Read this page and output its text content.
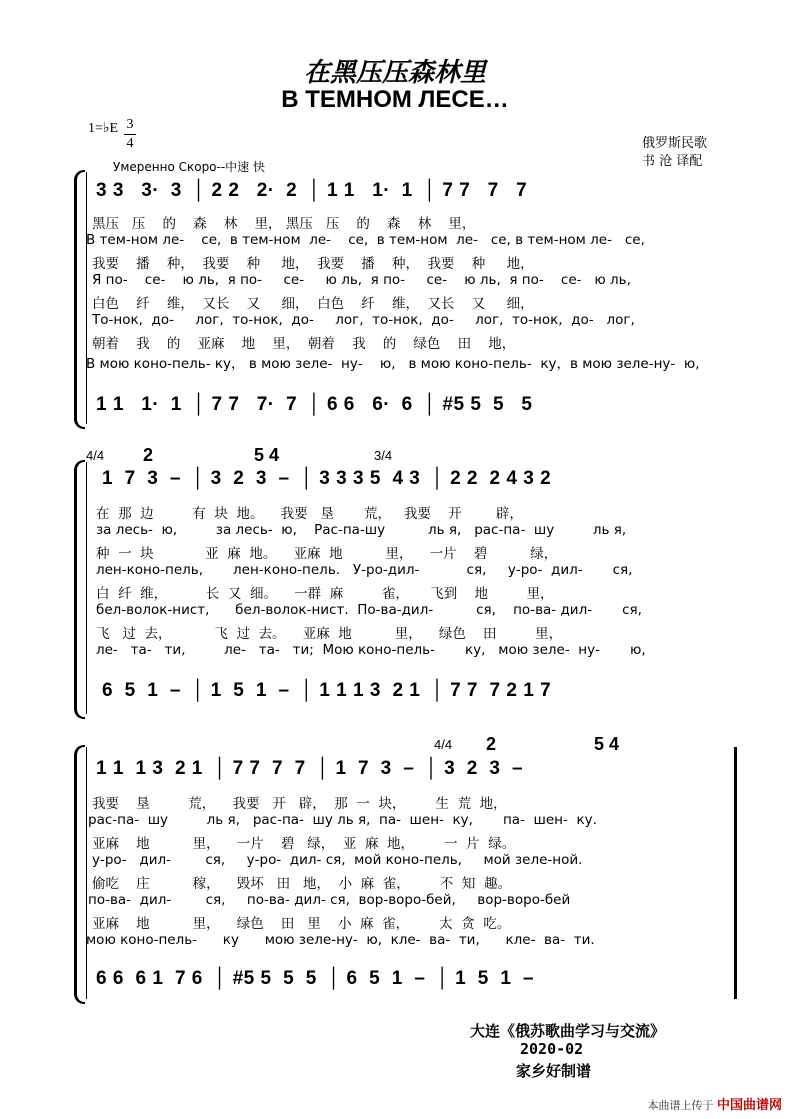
在黑压压森林里
В ТЕМНОМ ЛЕСЕ…
1=♭E 3
4	俄罗斯民歌
书 沧 译配
Умеренно Скоро--中速 快
3 3   3·  3  │ 2 2   2·  2  │ 1 1   1·  1  │ 7 7   7   7
黑压   压    的    森    林    里， 黑压   压    的    森    林    里，
В тем-ном ле-    се,  в тем-ном  ле-    се,  в тем-ном  ле-   се, в тем-ном ле-   се,
我要    播    种，  我要    种     地，  我要    播    种，  我要    种     地，
Я по-    се-    ю ль,  я по-     се-     ю ль,  я по-     се-    ю ль,  я по-    се-   ю ль,
白色    纤    维，  又长    又     细，  白色    纤    维，  又长    又     细，
То-нок,  до-     лог,  то-нок,  до-     лог,  то-нок,  до-     лог,  то-нок,  до-   лог,
朝着    我    的    亚麻    地    里，  朝着    我    的    绿色    田    地，
В мою коно-пель- ку， в мою зеле-  ну-    ю,   в мою коно-пель-  ку，в мою зеле-ну-  ю,
1 1   1·  1  │ 7 7   7·  7  │ 6 6   6·  6  │ #5 5  5   5
4/4	3/4
2	5 4
1  7  3  –  │ 3  2  3  –  │ 3 3 3 5  4 3  │ 2 2  2 4 3 2
在  那  边         有  块  地。    我要   垦       荒，   我要    开        辟，
за лесь-  ю,         за лесь-  ю,    Рас-па-шу          ль я,   рас-па-  шу         ль я,
种  一  块            亚  麻  地。    亚麻  地          里，    一片    碧          绿，
лен-коно-пель,       лен-коно-пель.   У-ро-дил-           ся,     у-ро-  дил-       ся,
白  纤  维，         长  又  细。    一群  麻         雀，     飞到    地         里，
бел-волок-нист,      бел-волок-нист.  По-ва-дил-          ся,    по-ва- дил-       ся,
飞   过  去，          飞  过  去。    亚麻  地          里，    绿色    田         里，
ле-   та-   ти,         ле-   та-   ти;  Мою коно-пель-       ку,   мою зеле-  ну-       ю,
6  5  1  –  │ 1  5  1  –  │ 1 1 1 3  2 1  │ 7 7  7 2 1 7
4/4 2	5 4
1 1  1 3  2 1  │ 7 7  7  7  │ 1  7  3  –  │ 3  2  3  –
我要    垦         荒，    我要   开   辟，  那  一  块，       生  荒  地，
рас-па-  шу         ль я,   рас-па-  шу ль я,  па-  шен-  ку,       па-  шен-  ку.
亚麻    地          里，    一片    碧   绿，  亚  麻  地，       一  片  绿。
у-ро-   дил-        ся,     у-ро-  дил- ся,  мой коно-пель,     мой зеле-ной.
偷吃    庄          稼，    毁坏   田   地，  小  麻  雀，       不  知  趣。
по-ва-  дил-        ся,     по-ва- дил- ся,  вор-воро-бей,     вор-воро-бей
亚麻    地          里，    绿色    田   里    小  麻  雀，       太  贪  吃。
мою коно-пель-      ку      мою зеле-ну-  ю,  кле-  ва-  ти,      кле-  ва-  ти.
6 6  6 1  7 6  │ #5 5  5  5  │ 6  5  1  –  │ 1  5  1  –
大连《俄苏歌曲学习与交流》
2020-02
家乡好制谱
本曲谱上传于 中国曲谱网
